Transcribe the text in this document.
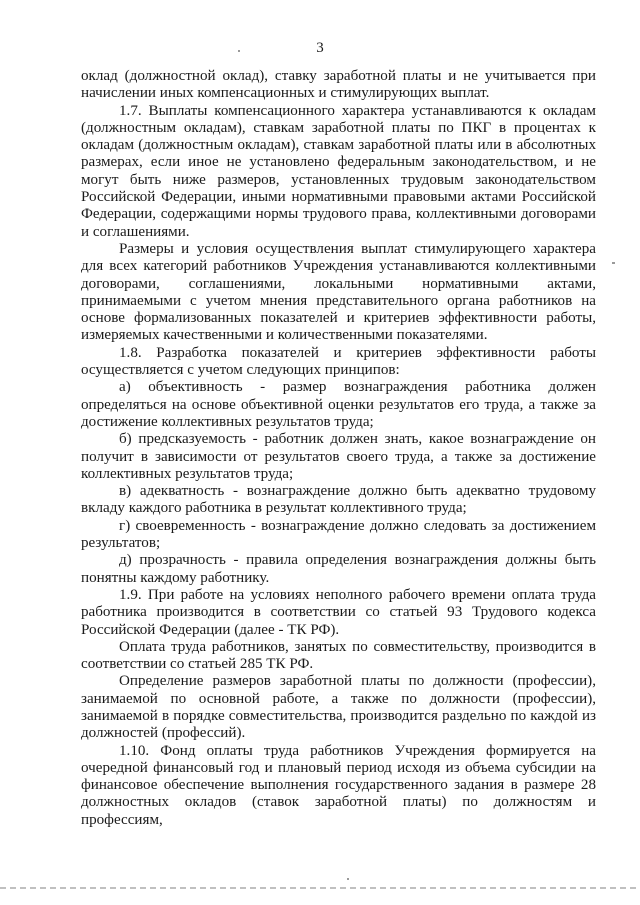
3

оклад (должностной оклад), ставку заработной платы и не учитывается при начислении иных компенсационных и стимулирующих выплат.

1.7. Выплаты компенсационного характера устанавливаются к окладам (должностным окладам), ставкам заработной платы по ПКГ в процентах к окладам (должностным окладам), ставкам заработной платы или в абсолютных размерах, если иное не установлено федеральным законодательством, и не могут быть ниже размеров, установленных трудовым законодательством Российской Федерации, иными нормативными правовыми актами Российской Федерации, содержащими нормы трудового права, коллективными договорами и соглашениями.

Размеры и условия осуществления выплат стимулирующего характера для всех категорий работников Учреждения устанавливаются коллективными договорами, соглашениями, локальными нормативными актами, принимаемыми с учетом мнения представительного органа работников на основе формализованных показателей и критериев эффективности работы, измеряемых качественными и количественными показателями.

1.8. Разработка показателей и критериев эффективности работы осуществляется с учетом следующих принципов:

а) объективность - размер вознаграждения работника должен определяться на основе объективной оценки результатов его труда, а также за достижение коллективных результатов труда;

б) предсказуемость - работник должен знать, какое вознаграждение он получит в зависимости от результатов своего труда, а также за достижение коллективных результатов труда;

в) адекватность - вознаграждение должно быть адекватно трудовому вкладу каждого работника в результат коллективного труда;

г) своевременность - вознаграждение должно следовать за достижением результатов;

д) прозрачность - правила определения вознаграждения должны быть понятны каждому работнику.

1.9. При работе на условиях неполного рабочего времени оплата труда работника производится в соответствии со статьей 93 Трудового кодекса Российской Федерации (далее - ТК РФ).

Оплата труда работников, занятых по совместительству, производится в соответствии со статьей 285 ТК РФ.

Определение размеров заработной платы по должности (профессии), занимаемой по основной работе, а также по должности (профессии), занимаемой в порядке совместительства, производится раздельно по каждой из должностей (профессий).

1.10. Фонд оплаты труда работников Учреждения формируется на очередной финансовый год и плановый период исходя из объема субсидии на финансовое обеспечение выполнения государственного задания в размере 28 должностных окладов (ставок заработной платы) по должностям и профессиям,
